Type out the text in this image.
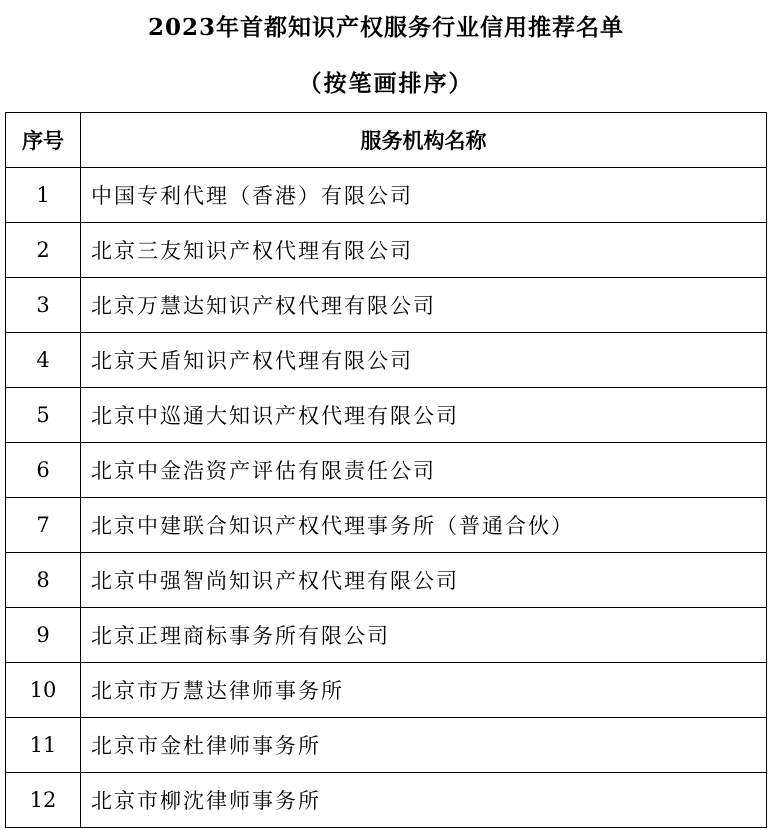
2023年首都知识产权服务行业信用推荐名单
（按笔画排序）
序号	服务机构名称
1	中国专利代理（香港）有限公司
2	北京三友知识产权代理有限公司
3	北京万慧达知识产权代理有限公司
4	北京天盾知识产权代理有限公司
5	北京中巡通大知识产权代理有限公司
6	北京中金浩资产评估有限责任公司
7	北京中建联合知识产权代理事务所（普通合伙）
8	北京中强智尚知识产权代理有限公司
9	北京正理商标事务所有限公司
10	北京市万慧达律师事务所
11	北京市金杜律师事务所
12	北京市柳沈律师事务所
